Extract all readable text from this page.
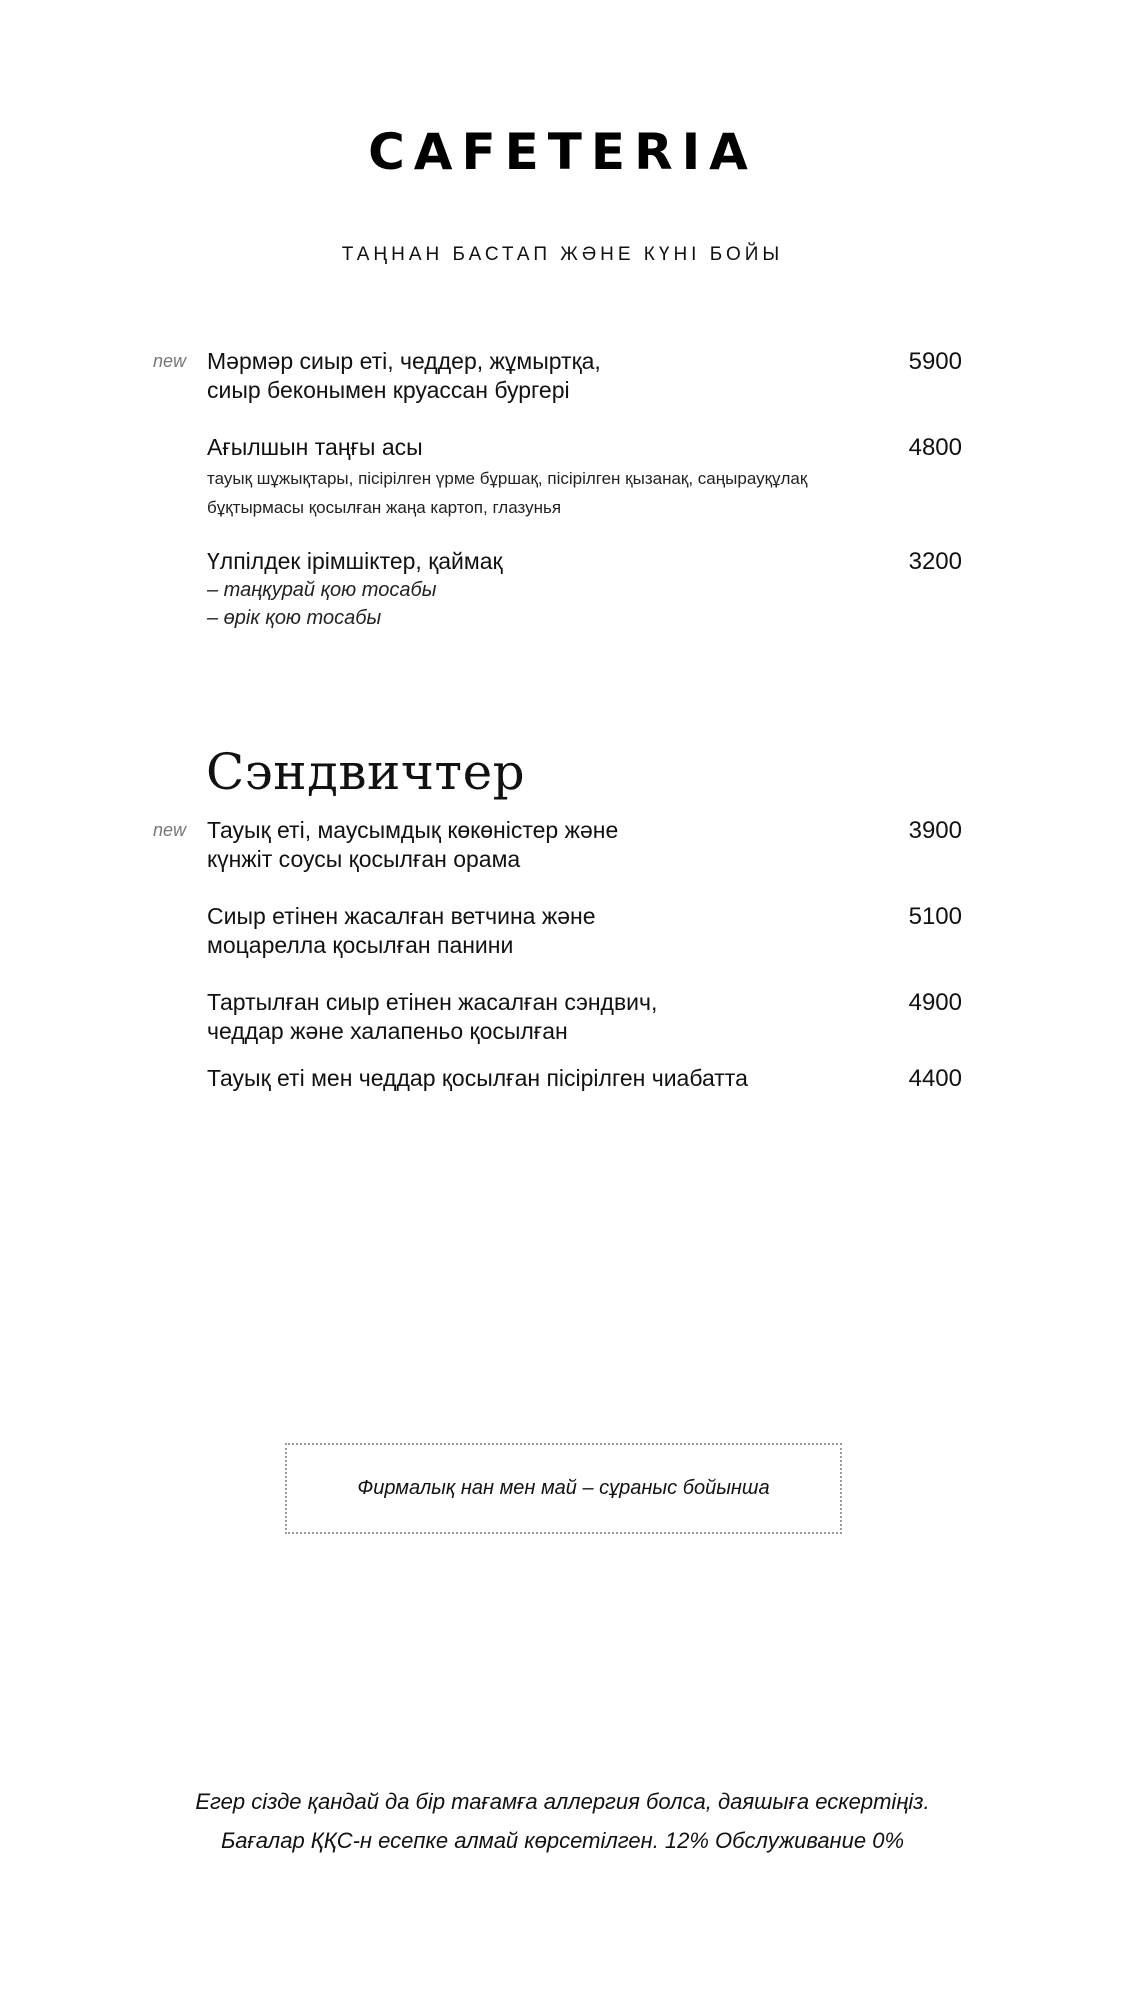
CAFETERIA
ТАҢНАН БАСТАП ЖӘНЕ КҮНІ БОЙЫ
new Мәрмәр сиыр еті, чеддер, жұмыртқа,
сиыр беконымен круассан бургері
5900
Ағылшын таңғы асы
тауық шұжықтары, пісірілген үрме бұршақ, пісірілген қызанақ, саңырауқұлақ
бұқтырмасы қосылған жаңа картоп, глазунья
4800
Үлпілдек ірімшіктер, қаймақ
– таңқурай қою тосабы
– өрік қою тосабы
3200
Сэндвичтер
new Тауық еті, маусымдық көкөністер және
күнжіт соусы қосылған орама
3900
Сиыр етінен жасалған ветчина және
моцарелла қосылған панини
5100
Тартылған сиыр етінен жасалған сэндвич,
чеддар және халапеньо қосылған
4900
Тауық еті мен чеддар қосылған пісірілген чиабатта	4400
Фирмалық нан мен май – сұраныс бойынша
Егер сізде қандай да бір тағамға аллергия болса, даяшыға ескертіңіз.
Бағалар ҚҚС-н есепке алмай көрсетілген. 12% Обслуживание 0%
